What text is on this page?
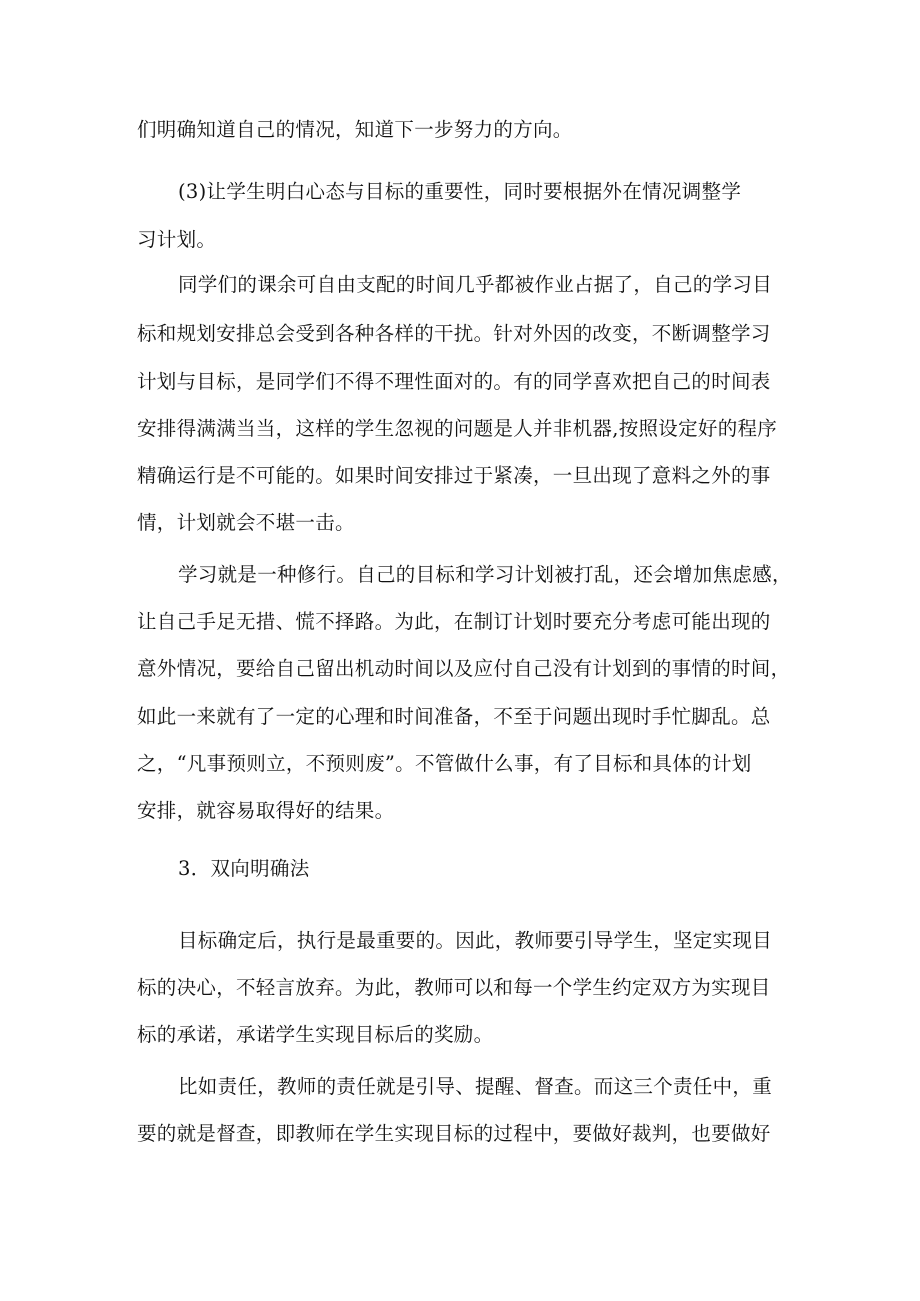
们明确知道自己的情况，知道下一步努力的方向。
(3)让学生明白心态与目标的重要性，同时要根据外在情况调整学
习计划。
同学们的课余可自由支配的时间几乎都被作业占据了，自己的学习目
标和规划安排总会受到各种各样的干扰。针对外因的改变，不断调整学习
计划与目标，是同学们不得不理性面对的。有的同学喜欢把自己的时间表
安排得满满当当，这样的学生忽视的问题是人并非机器,按照设定好的程序
精确运行是不可能的。如果时间安排过于紧凑，一旦出现了意料之外的事
情，计划就会不堪一击。
学习就是一种修行。自己的目标和学习计划被打乱，还会增加焦虑感，
让自己手足无措、慌不择路。为此，在制订计划时要充分考虑可能出现的
意外情况，要给自己留出机动时间以及应付自己没有计划到的事情的时间，
如此一来就有了一定的心理和时间准备，不至于问题出现时手忙脚乱。总
之，“凡事预则立，不预则废”。不管做什么事，有了目标和具体的计划
安排，就容易取得好的结果。
3．双向明确法
目标确定后，执行是最重要的。因此，教师要引导学生，坚定实现目
标的决心，不轻言放弃。为此，教师可以和每一个学生约定双方为实现目
标的承诺，承诺学生实现目标后的奖励。
比如责任，教师的责任就是引导、提醒、督查。而这三个责任中，重
要的就是督查，即教师在学生实现目标的过程中，要做好裁判，也要做好
